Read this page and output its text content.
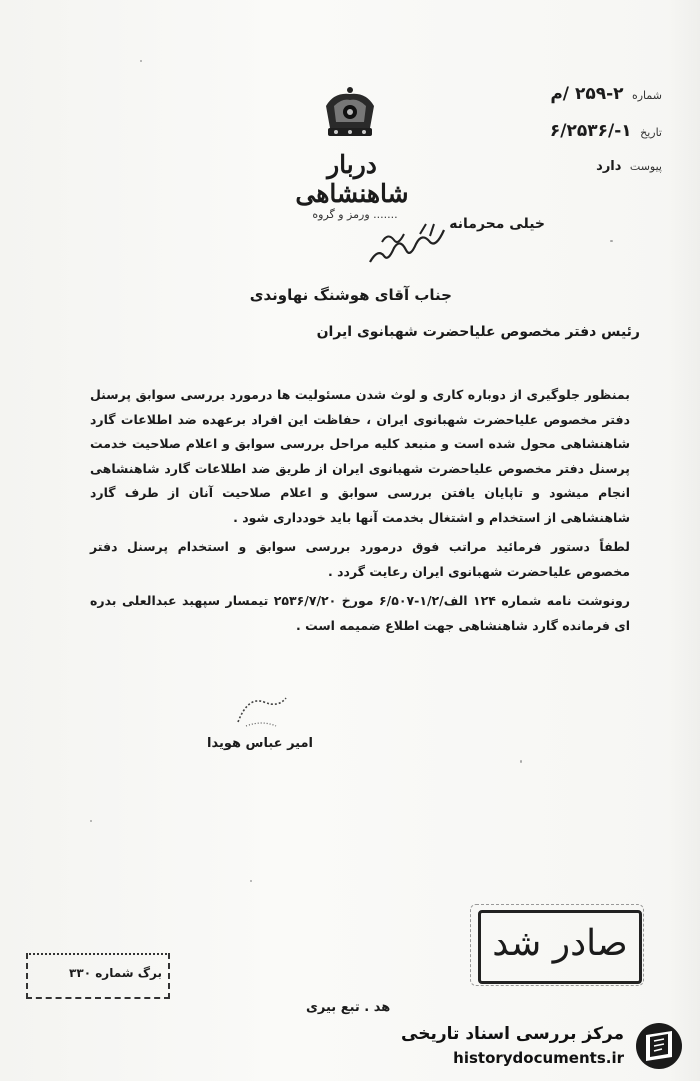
دربار شاهنشاهی
....... ورمز و گروه
شماره ۲-۲۵۹ /م
تاریخ ۱-/۶/۲۵۳۶
پیوست دارد
خیلی محرمانه
جناب آقای هوشنگ نهاوندی
رئیس دفتر مخصوص علیاحضرت شهبانوی ایران

بمنظور جلوگیری از دوباره کاری و لوث شدن مسئولیت ها درمورد بررسی سوابق پرسنل دفتر مخصوص علیاحضرت شهبانوی ایران ، حفاظت این افراد برعهده ضد اطلاعات گارد شاهنشاهی محول شده است و منبعد کلیه مراحل بررسی سوابق و اعلام صلاحیت خدمت پرسنل دفتر مخصوص علیاحضرت شهبانوی ایران از طریق ضد اطلاعات گارد شاهنشاهی انجام میشود و تاپایان یافتن بررسی سوابق و اعلام صلاحیت آنان از طرف گارد شاهنشاهی از استخدام و اشتغال بخدمت آنها باید خودداری شود .

لطفاً دستور فرمائید مراتب فوق درمورد بررسی سوابق و استخدام پرسنل دفتر مخصوص علیاحضرت شهبانوی ایران رعایت گردد .

رونوشت نامه شماره ۱۲۴ الف/۱/۲-۶/۵۰۷ مورخ ۲۵۳۶/۷/۲۰ تیمسار سپهبد عبدالعلی بدره ای فرمانده گارد شاهنشاهی جهت اطلاع ضمیمه است .

امیر عباس هویدا
صادر شد
برگ شماره ۳۳۰
هد . تبع بیری
مرکز بررسی اسناد تاریخی
historydocuments.ir
